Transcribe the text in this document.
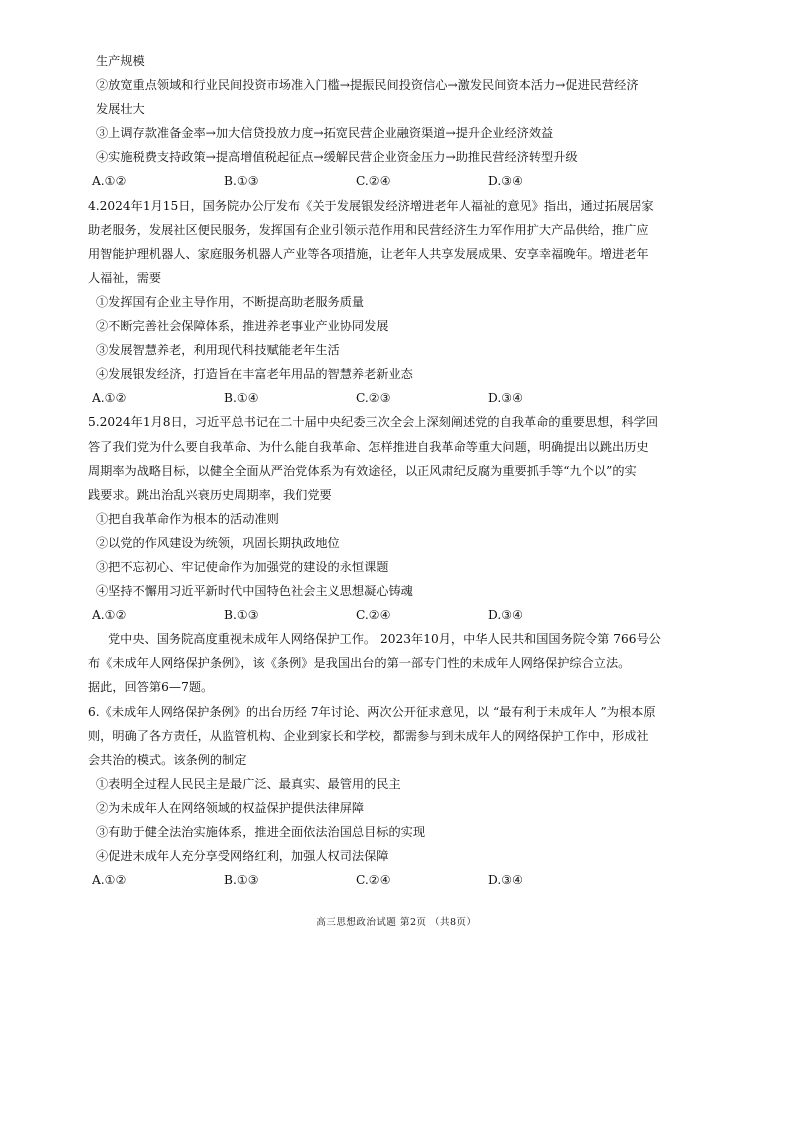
生产规模
②放宽重点领域和行业民间投资市场准入门槛→提振民间投资信心→激发民间资本活力→促进民营经济
发展壮大
③上调存款准备金率→加大信贷投放力度→拓宽民营企业融资渠道→提升企业经济效益
④实施税费支持政策→提高增值税起征点→缓解民营企业资金压力→助推民营经济转型升级
A.①②	B.①③	C.②④	D.③④
4.2024年1月15日，国务院办公厅发布《关于发展银发经济增进老年人福祉的意见》指出，通过拓展居家
助老服务，发展社区便民服务，发挥国有企业引领示范作用和民营经济生力军作用扩大产品供给，推广应
用智能护理机器人、家庭服务机器人产业等各项措施，让老年人共享发展成果、安享幸福晚年。增进老年
人福祉，需要
①发挥国有企业主导作用，不断提高助老服务质量
②不断完善社会保障体系，推进养老事业产业协同发展
③发展智慧养老，利用现代科技赋能老年生活
④发展银发经济，打造旨在丰富老年用品的智慧养老新业态
A.①②	B.①④	C.②③	D.③④
5.2024年1月8日，习近平总书记在二十届中央纪委三次全会上深刻阐述党的自我革命的重要思想，科学回
答了我们党为什么要自我革命、为什么能自我革命、怎样推进自我革命等重大问题，明确提出以跳出历史
周期率为战略目标，以健全全面从严治党体系为有效途径，以正风肃纪反腐为重要抓手等“九个以”的实
践要求。跳出治乱兴衰历史周期率，我们党要
①把自我革命作为根本的活动准则
②以党的作风建设为统领，巩固长期执政地位
③把不忘初心、牢记使命作为加强党的建设的永恒课题
④坚持不懈用习近平新时代中国特色社会主义思想凝心铸魂
A.①②	B.①③	C.②④	D.③④
党中央、国务院高度重视未成年人网络保护工作。 2023年10月，中华人民共和国国务院令第 766号公
布《未成年人网络保护条例》，该《条例》是我国出台的第一部专门性的未成年人网络保护综合立法。
据此，回答第6—7题。
6.《未成年人网络保护条例》的出台历经 7年讨论、两次公开征求意见，以 “最有利于未成年人 ”为根本原
则，明确了各方责任，从监管机构、企业到家长和学校，都需参与到未成年人的网络保护工作中，形成社
会共治的模式。该条例的制定
①表明全过程人民民主是最广泛、最真实、最管用的民主
②为未成年人在网络领域的权益保护提供法律屏障
③有助于健全法治实施体系，推进全面依法治国总目标的实现
④促进未成年人充分享受网络红利，加强人权司法保障
A.①②	B.①③	C.②④	D.③④
高三思想政治试题 第2页 （共8页）
